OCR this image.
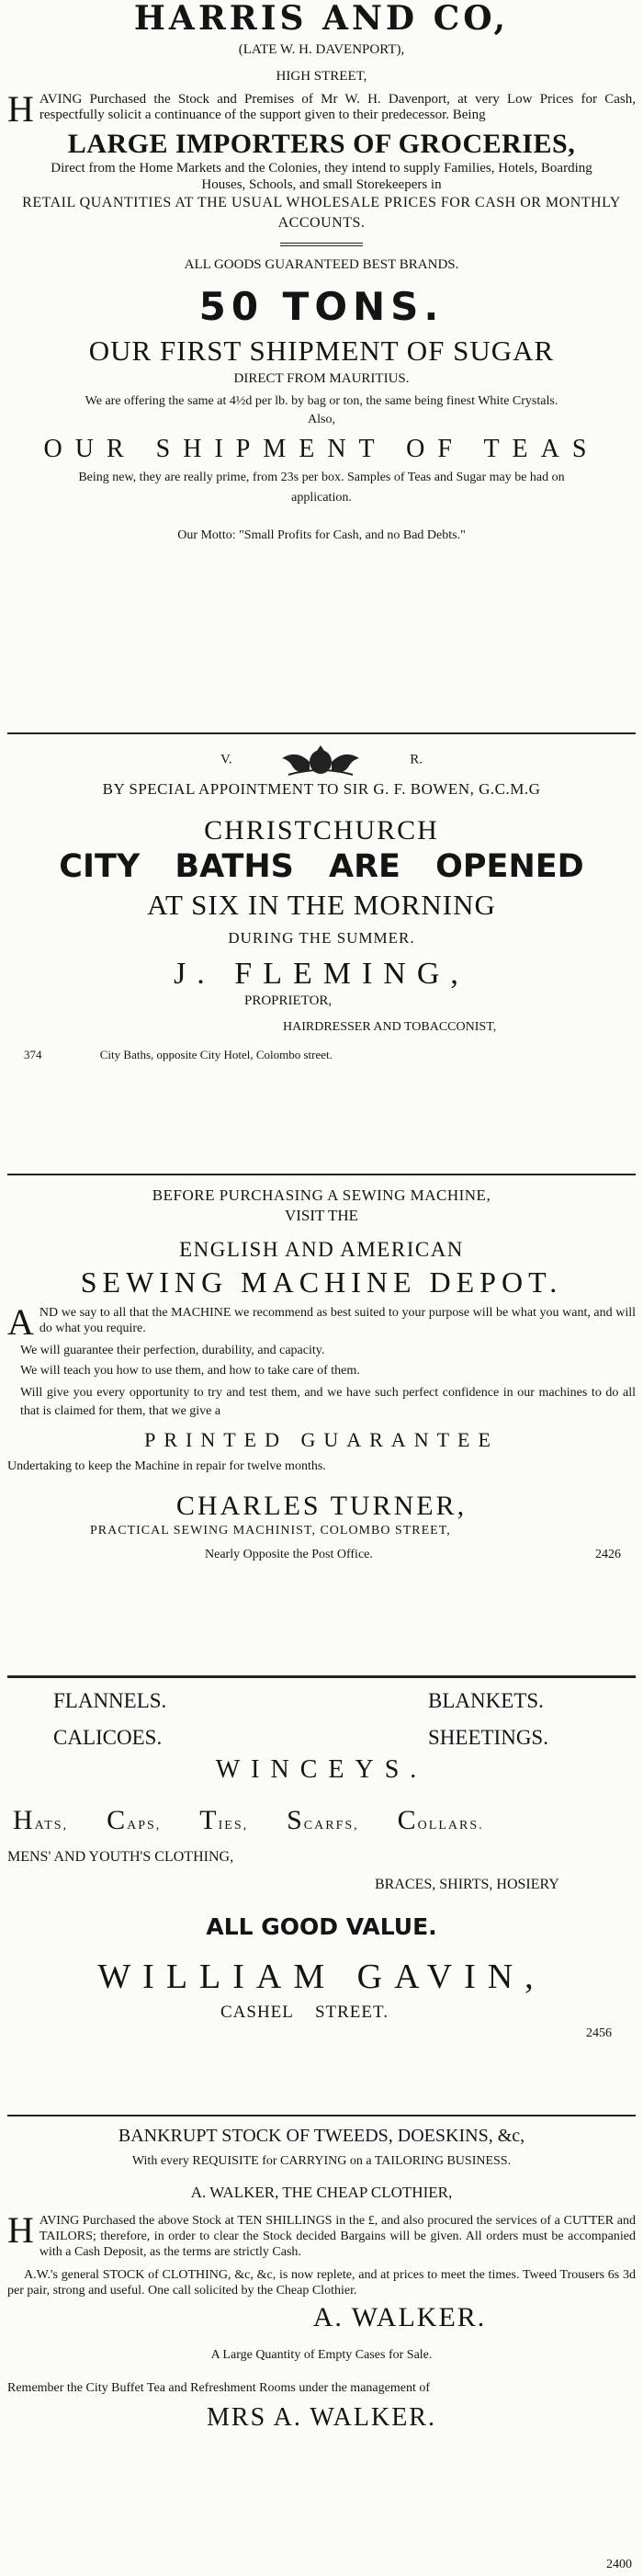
HARRIS AND CO,
(LATE W. H. DAVENPORT),
HIGH STREET,
H AVING Purchased the Stock and Premises of Mr W. H. Davenport, at very Low Prices for Cash, respectfully solicit a continuance of the support given to their predecessor. Being
LARGE IMPORTERS OF GROCERIES,
Direct from the Home Markets and the Colonies, they intend to supply Families, Hotels, Boarding Houses, Schools, and small Storekeepers in
RETAIL QUANTITIES AT THE USUAL WHOLESALE PRICES FOR CASH OR MONTHLY ACCOUNTS.
ALL GOODS GUARANTEED BEST BRANDS.
50 TONS.
OUR FIRST SHIPMENT OF SUGAR
DIRECT FROM MAURITIUS.
We are offering the same at 4½d per lb. by bag or ton, the same being finest White Crystals. Also,
OUR SHIPMENT OF TEAS
Being new, they are really prime, from 23s per box. Samples of Teas and Sugar may be had on application.
Our Motto: "Small Profits for Cash, and no Bad Debts."
V.	R.
BY SPECIAL APPOINTMENT TO SIR G. F. BOWEN, G.C.M.G
CHRISTCHURCH
CITY BATHS ARE OPENED
AT SIX IN THE MORNING
DURING THE SUMMER.
J. FLEMING,
PROPRIETOR,
HAIRDRESSER AND TOBACCONIST,
374	City Baths, opposite City Hotel, Colombo street.
BEFORE PURCHASING A SEWING MACHINE,
VISIT THE
ENGLISH AND AMERICAN
SEWING MACHINE DEPOT.
A ND we say to all that the MACHINE we recommend as best suited to your purpose will be what you want, and will do what you require.
We will guarantee their perfection, durability, and capacity.
We will teach you how to use them, and how to take care of them.
Will give you every opportunity to try and test them, and we have such perfect confidence in our machines to do all that is claimed for them, that we give a
PRINTED GUARANTEE
Undertaking to keep the Machine in repair for twelve months.
CHARLES TURNER,
PRACTICAL SEWING MACHINIST, COLOMBO STREET,
Nearly Opposite the Post Office.	2426
FLANNELS.	BLANKETS.
CALICOES.	SHEETINGS.
WINCEYS.
HATS, CAPS, TIES, SCARFS, COLLARS.
MENS' AND YOUTH'S CLOTHING,
BRACES, SHIRTS, HOSIERY
ALL GOOD VALUE.
WILLIAM GAVIN,
CASHEL STREET.
2456
BANKRUPT STOCK OF TWEEDS, DOESKINS, &c,
With every REQUISITE for CARRYING on a TAILORING BUSINESS.
A. WALKER, THE CHEAP CLOTHIER,
H AVING Purchased the above Stock at TEN SHILLINGS in the £, and also procured the services of a CUTTER and TAILORS; therefore, in order to clear the Stock decided Bargains will be given. All orders must be accompanied with a Cash Deposit, as the terms are strictly Cash.
A.W.'s general STOCK of CLOTHING, &c, &c, is now replete, and at prices to meet the times. Tweed Trousers 6s 3d per pair, strong and useful. One call solicited by the Cheap Clothier.
A. WALKER.
A Large Quantity of Empty Cases for Sale.
Remember the City Buffet Tea and Refreshment Rooms under the management of
MRS A. WALKER.
2400
